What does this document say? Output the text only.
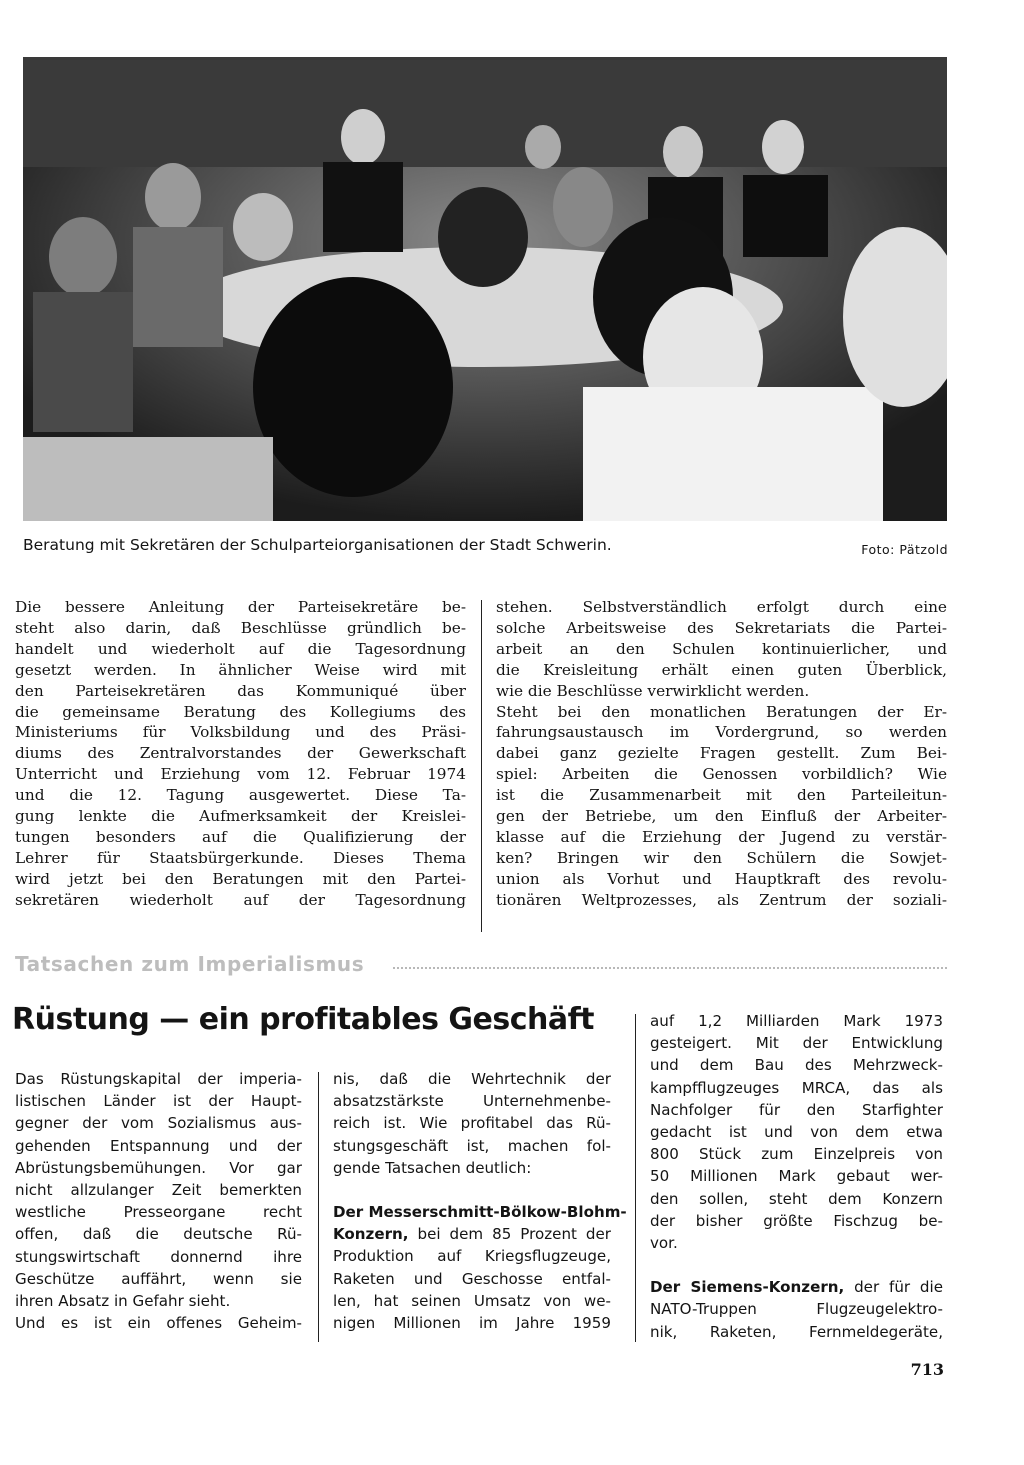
Beratung mit Sekretären der Schulparteiorganisationen der Stadt Schwerin.	Foto: Pätzold
Die bessere Anleitung der Parteisekretäre be-
steht also darin, daß Beschlüsse gründlich be-
handelt und wiederholt auf die Tagesordnung
gesetzt werden. In ähnlicher Weise wird mit
den Parteisekretären das Kommuniqué über
die gemeinsame Beratung des Kollegiums des
Ministeriums für Volksbildung und des Präsi-
diums des Zentralvorstandes der Gewerkschaft
Unterricht und Erziehung vom 12. Februar 1974
und die 12. Tagung ausgewertet. Diese Ta-
gung lenkte die Aufmerksamkeit der Kreislei-
tungen besonders auf die Qualifizierung der
Lehrer für Staatsbürgerkunde. Dieses Thema
wird jetzt bei den Beratungen mit den Partei-
sekretären wiederholt auf der Tagesordnung
stehen. Selbstverständlich erfolgt durch eine
solche Arbeitsweise des Sekretariats die Partei-
arbeit an den Schulen kontinuierlicher, und
die Kreisleitung erhält einen guten Überblick,
wie die Beschlüsse verwirklicht werden.
Steht bei den monatlichen Beratungen der Er-
fahrungsaustausch im Vordergrund, so werden
dabei ganz gezielte Fragen gestellt. Zum Bei-
spiel: Arbeiten die Genossen vorbildlich? Wie
ist die Zusammenarbeit mit den Parteileitun-
gen der Betriebe, um den Einfluß der Arbeiter-
klasse auf die Erziehung der Jugend zu verstär-
ken? Bringen wir den Schülern die Sowjet-
union als Vorhut und Hauptkraft des revolu-
tionären Weltprozesses, als Zentrum der soziali-
Tatsachen zum Imperialismus
Rüstung — ein profitables Geschäft
Das Rüstungskapital der imperia-
listischen Länder ist der Haupt-
gegner der vom Sozialismus aus-
gehenden Entspannung und der
Abrüstungsbemühungen. Vor gar
nicht allzulanger Zeit bemerkten
westliche Presseorgane recht
offen, daß die deutsche Rü-
stungswirtschaft donnernd ihre
Geschütze auffährt, wenn sie
ihren Absatz in Gefahr sieht.
Und es ist ein offenes Geheim-
nis, daß die Wehrtechnik der
absatzstärkste Unternehmenbe-
reich ist. Wie profitabel das Rü-
stungsgeschäft ist, machen fol-
gende Tatsachen deutlich:
Der Messerschmitt-Bölkow-Blohm-
Konzern, bei dem 85 Prozent der
Produktion auf Kriegsflugzeuge,
Raketen und Geschosse entfal-
len, hat seinen Umsatz von we-
nigen Millionen im Jahre 1959
auf 1,2 Milliarden Mark 1973
gesteigert. Mit der Entwicklung
und dem Bau des Mehrzweck-
kampfflugzeuges MRCA, das als
Nachfolger für den Starfighter
gedacht ist und von dem etwa
800 Stück zum Einzelpreis von
50 Millionen Mark gebaut wer-
den sollen, steht dem Konzern
der bisher größte Fischzug be-
vor.
Der Siemens-Konzern, der für die
NATO-Truppen Flugzeugelektro-
nik, Raketen, Fernmeldegeräte,
713
